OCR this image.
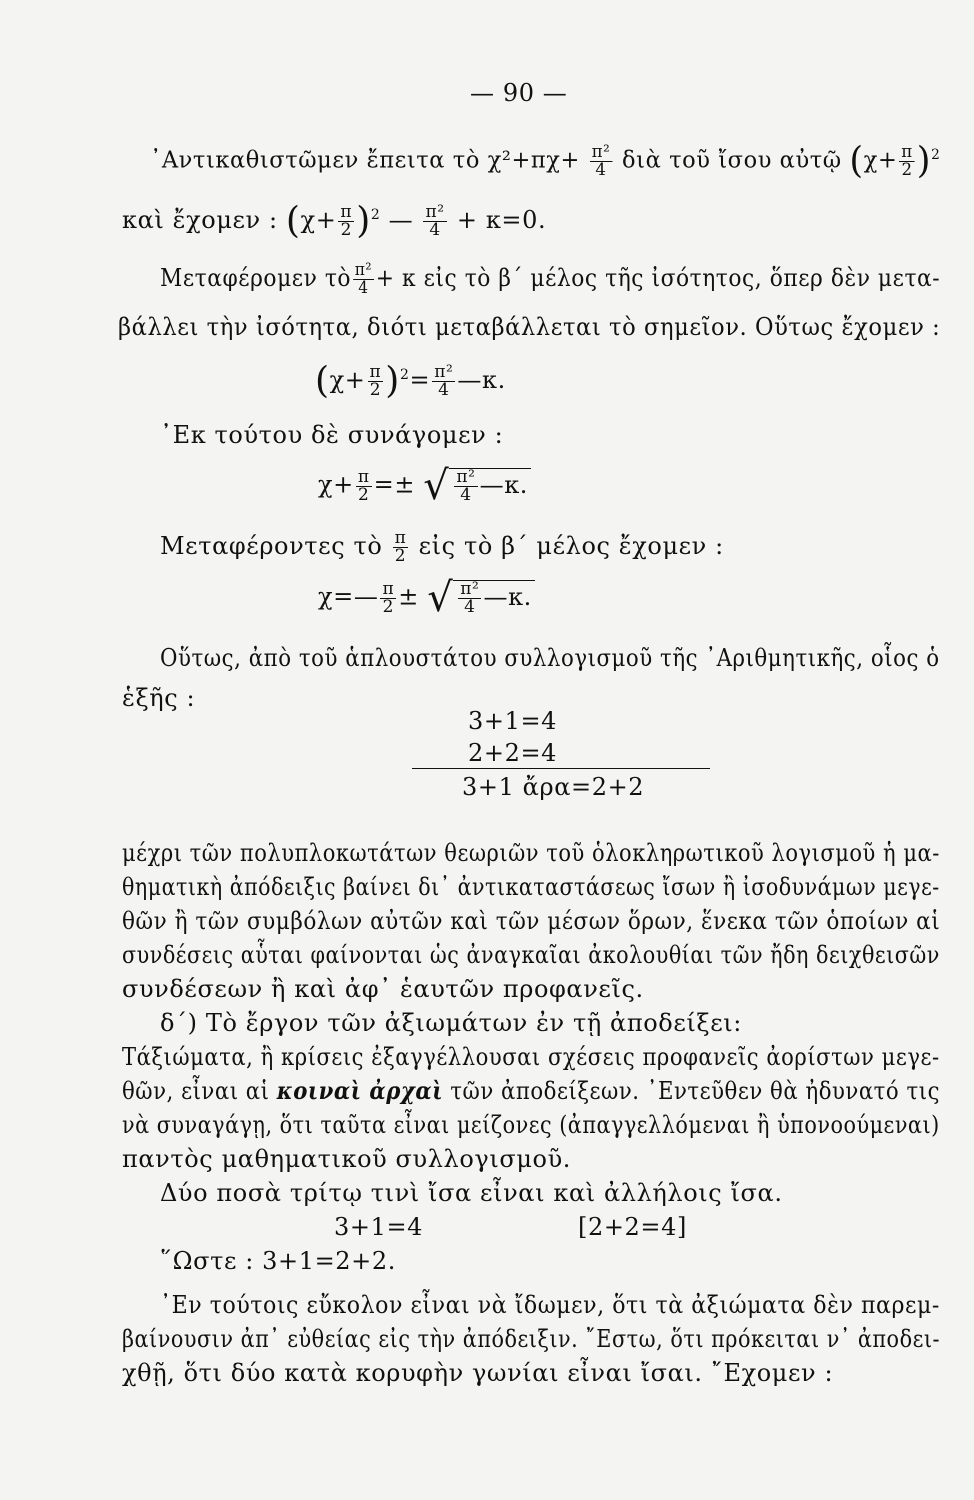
— 90 —
᾿Αντικαθιστῶμεν ἔπειτα τὸ $\chi^2+\pi\chi+ \frac{\text{π²}}{4}$ διὰ τοῦ ἴσου αὐτῷ $(\chi+ \frac{\pi}{2} )^2$
καὶ ἔχομεν : $(\chi+ \frac{\pi}{2} )^2$ — $\frac{\text{π²}}{4} + \kappa=0$.
Μεταφέρομεν τὸ $\frac{\text{π²}}{4} + \kappa$ εἰς τὸ β΄ μέλος τῆς ἰσότητος, ὅπερ δὲν μετα-
βάλλει τὴν ἰσότητα, διότι μεταβάλλεται τὸ σημεῖον. Οὕτως ἔχομεν :
$(\chi+ \frac{\pi}{2} )^2= \frac{\text{π²}}{4}$ —κ.
᾿Εκ τούτου δὲ συνάγομεν :
$\chi+ \frac{\pi}{2}$ =± √ $\frac{\text{π²}}{4}$ —κ.
Μεταφέροντες τὸ $\frac{\pi}{2}$ εἰς τὸ β΄ μέλος ἔχομεν :
χ=— $\frac{\pi}{2}$ ± √ $\frac{\text{π²}}{4}$ —κ.
Οὕτως, ἀπὸ τοῦ ἁπλουστάτου συλλογισμοῦ τῆς ᾿Αριθμητικῆς, οἷος ὁ
ἑξῆς :
3+1=4
2+2=4
3+1 ἄρα=2+2
μέχρι τῶν πολυπλοκωτάτων θεωριῶν τοῦ ὁλοκληρωτικοῦ λογισμοῦ ἡ μα-
θηματικὴ ἀπόδειξις βαίνει δι᾿ ἀντικαταστάσεως ἴσων ἢ ἰσοδυνάμων μεγε-
θῶν ἢ τῶν συμβόλων αὐτῶν καὶ τῶν μέσων ὅρων, ἕνεκα τῶν ὁποίων αἱ
συνδέσεις αὗται φαίνονται ὡς ἀναγκαῖαι ἀκολουθίαι τῶν ἤδη δειχθεισῶν
συνδέσεων ἢ καὶ ἀφ᾿ ἑαυτῶν προφανεῖς.
δ΄) Τὸ ἔργον τῶν ἀξιωμάτων ἐν τῇ ἀποδείξει:
Τάξιώματα, ἢ κρίσεις ἐξαγγέλλουσαι σχέσεις προφανεῖς ἀορίστων μεγε-
θῶν, εἶναι αἱ κοιναὶ ἀρχαὶ τῶν ἀποδείξεων. ᾿Εντεῦθεν θὰ ἠδυνατό τις
νὰ συναγάγῃ, ὅτι ταῦτα εἶναι μείζονες (ἀπαγγελλόμεναι ἢ ὑπονοούμεναι)
παντὸς μαθηματικοῦ συλλογισμοῦ.
Δύο ποσὰ τρίτῳ τινὶ ἴσα εἶναι καὶ ἀλλήλοις ἴσα.
3+1=4	[2+2=4]
῞Ωστε : 3+1=2+2.
᾿Εν τούτοις εὔκολον εἶναι νὰ ἴδωμεν, ὅτι τὰ ἀξιώματα δὲν παρεμ-
βαίνουσιν ἀπ᾿ εὐθείας εἰς τὴν ἀπόδειξιν. ῎Εστω, ὅτι πρόκειται ν᾿ ἀποδει-
χθῇ, ὅτι δύο κατὰ κορυφὴν γωνίαι εἶναι ἴσαι. ῎Εχομεν :
